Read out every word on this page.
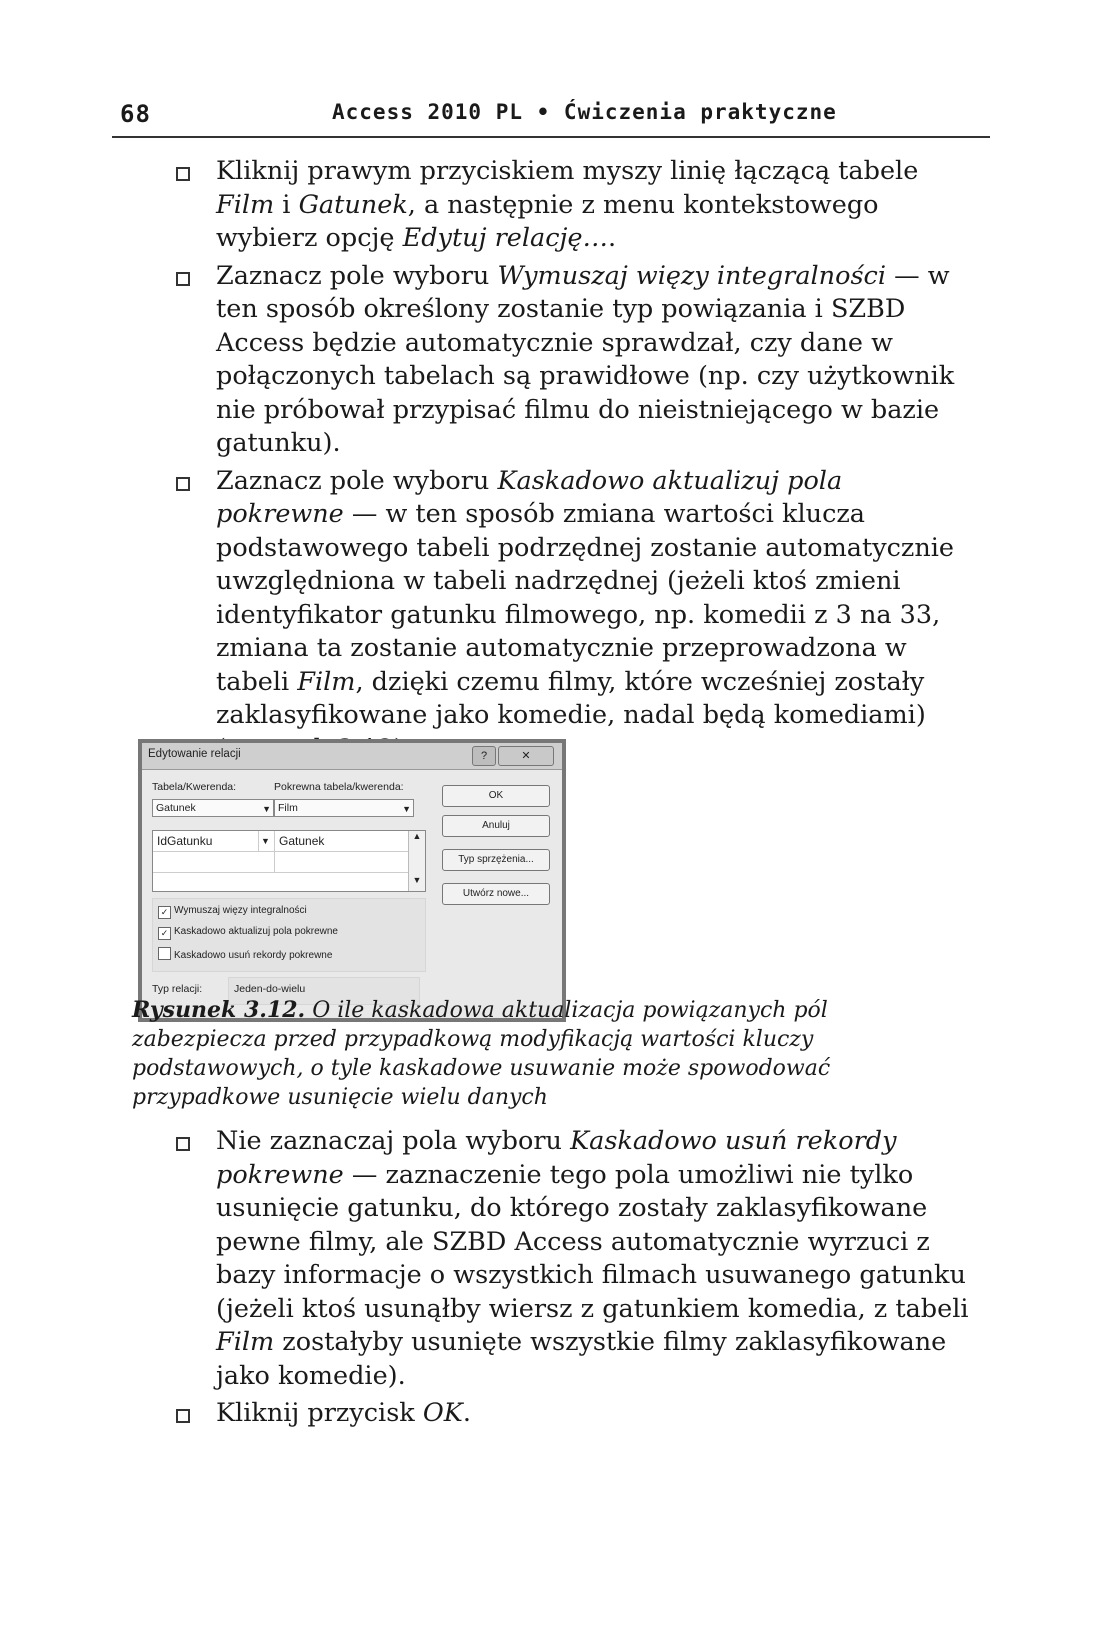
68	Access 2010 PL • Ćwiczenia praktyczne
Kliknij prawym przyciskiem myszy linię łączącą tabele Film i Gatunek, a następnie z menu kontekstowego wybierz opcję Edytuj relację….
Zaznacz pole wyboru Wymuszaj więzy integralności — w ten sposób określony zostanie typ powiązania i SZBD Access będzie automatycznie sprawdzał, czy dane w połączonych tabelach są prawidłowe (np. czy użytkownik nie próbował przypisać filmu do nieistniejącego w bazie gatunku).
Zaznacz pole wyboru Kaskadowo aktualizuj pola pokrewne — w ten sposób zmiana wartości klucza podstawowego tabeli podrzędnej zostanie automatycznie uwzględniona w tabeli nadrzędnej (jeżeli ktoś zmieni identyfikator gatunku filmowego, np. komedii z 3 na 33, zmiana ta zostanie automatycznie przeprowadzona w tabeli Film, dzięki czemu filmy, które wcześniej zostały zaklasyfikowane jako komedie, nadal będą komediami)
Edytowanie relacji	?	✕
Tabela/Kwerenda:	Pokrewna tabela/kwerenda:
Gatunek	▼ Film	▼
IdGatunku	▼ Gatunek	▲
▼
OK
Anuluj
Typ sprzężenia...
Utwórz nowe...
✓ Wymuszaj więzy integralności
✓ Kaskadowo aktualizuj pola pokrewne
Kaskadowo usuń rekordy pokrewne
Typ relacji:	Jeden-do-wielu
Rysunek 3.12. O ile kaskadowa aktualizacja powiązanych pól zabezpiecza przed przypadkową modyfikacją wartości kluczy podstawowych, o tyle kaskadowe usuwanie może spowodować przypadkowe usunięcie wielu danych
Nie zaznaczaj pola wyboru Kaskadowo usuń rekordy pokrewne — zaznaczenie tego pola umożliwi nie tylko usunięcie gatunku, do którego zostały zaklasyfikowane pewne filmy, ale SZBD Access automatycznie wyrzuci z bazy informacje o wszystkich filmach usuwanego gatunku (jeżeli ktoś usunąłby wiersz z gatunkiem komedia, z tabeli Film zostałyby usunięte wszystkie filmy zaklasyfikowane jako komedie).
Kliknij przycisk OK.
